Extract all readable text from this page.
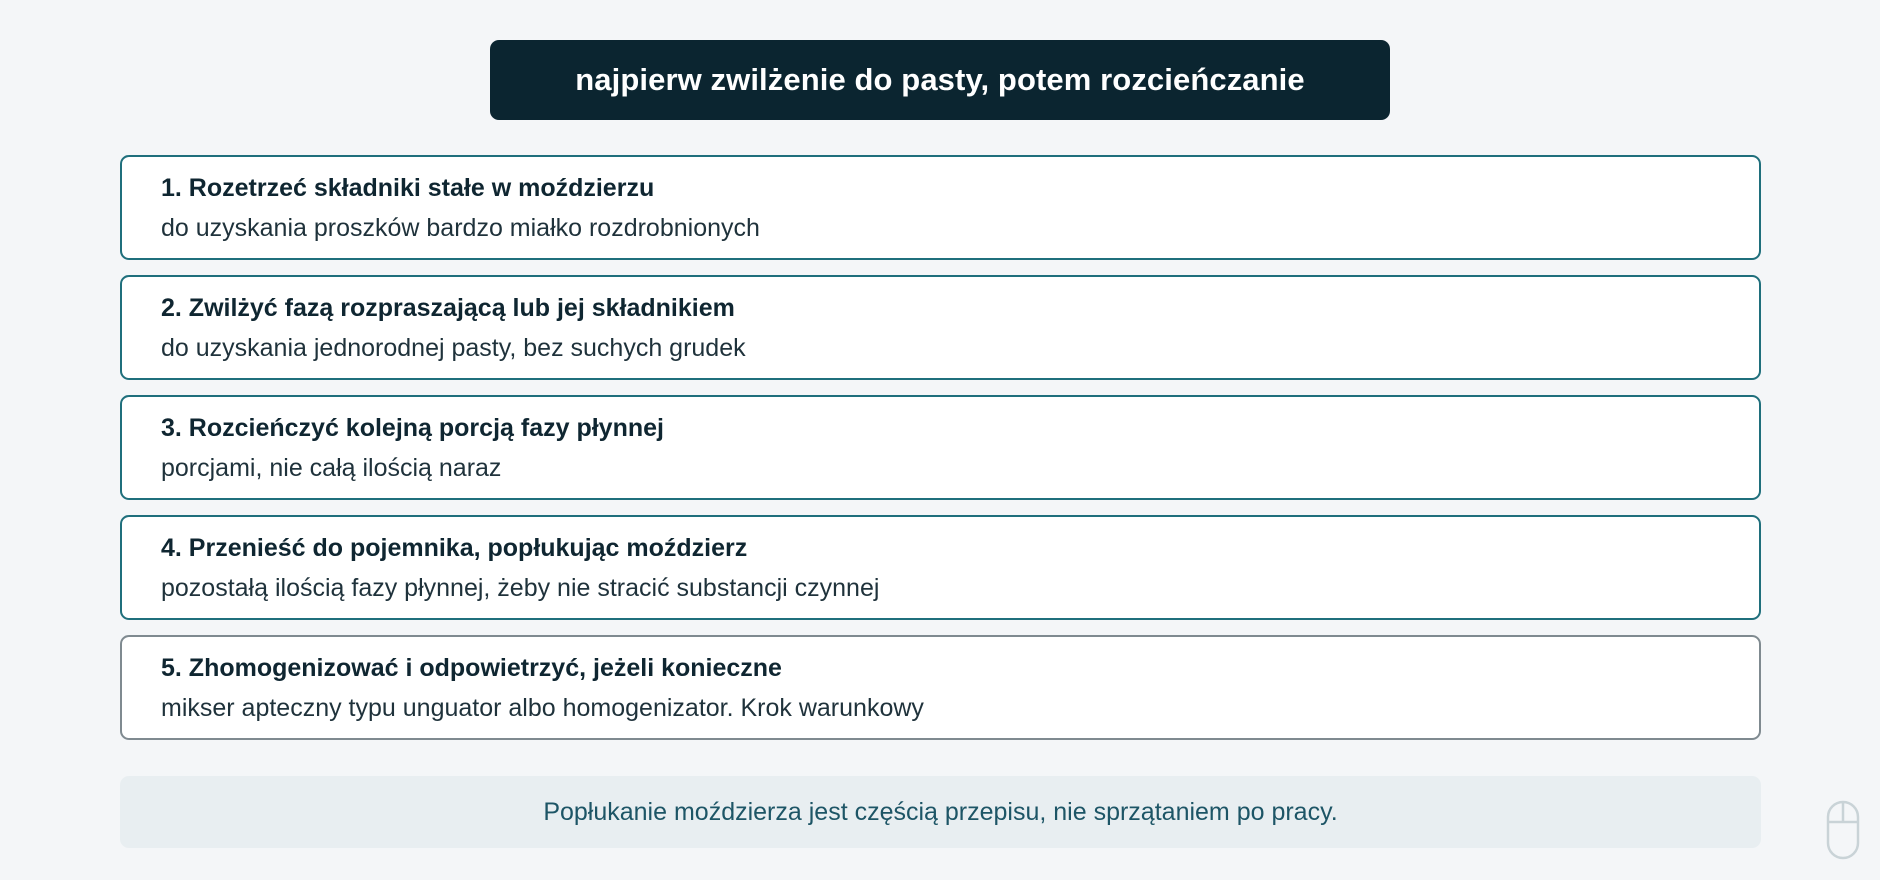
najpierw zwilżenie do pasty, potem rozcieńczanie
1. Rozetrzeć składniki stałe w moździerzu
do uzyskania proszków bardzo miałko rozdrobnionych
2. Zwilżyć fazą rozpraszającą lub jej składnikiem
do uzyskania jednorodnej pasty, bez suchych grudek
3. Rozcieńczyć kolejną porcją fazy płynnej
porcjami, nie całą ilością naraz
4. Przenieść do pojemnika, popłukując moździerz
pozostałą ilością fazy płynnej, żeby nie stracić substancji czynnej
5. Zhomogenizować i odpowietrzyć, jeżeli konieczne
mikser apteczny typu unguator albo homogenizator. Krok warunkowy
Popłukanie moździerza jest częścią przepisu, nie sprzątaniem po pracy.
